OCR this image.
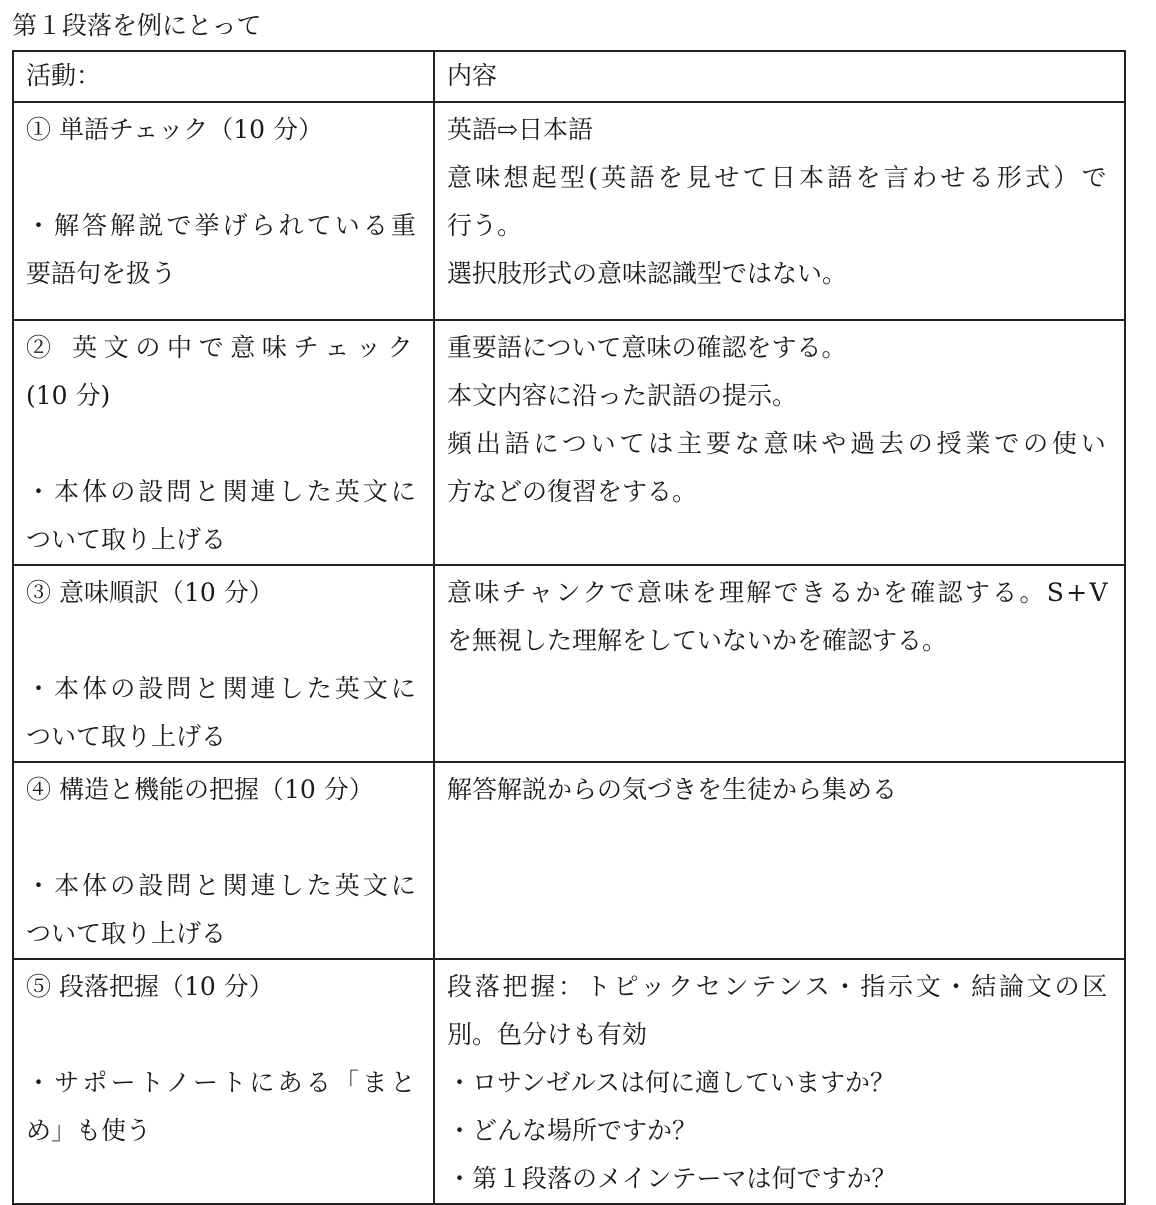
第１段落を例にとって
活動：	内容

① 単語チェック（10 分）
・解答解説で挙げられている重
要語句を扱う	英語⇨日本語
意味想起型(英語を見せて日本語を言わせる形式）で
行う。
選択肢形式の意味認識型ではない。

② 英文の中で意味チェック
(10 分)
・本体の設問と関連した英文に
ついて取り上げる	重要語について意味の確認をする。
本文内容に沿った訳語の提示。
頻出語については主要な意味や過去の授業での使い
方などの復習をする。

③ 意味順訳（10 分）
・本体の設問と関連した英文に
ついて取り上げる	意味チャンクで意味を理解できるかを確認する。S+V
を無視した理解をしていないかを確認する。

④ 構造と機能の把握（10 分）
・本体の設問と関連した英文に
ついて取り上げる	解答解説からの気づきを生徒から集める

⑤ 段落把握（10 分）
・サポートノートにある「まと
め」も使う	段落把握：トピックセンテンス・指示文・結論文の区
別。色分けも有効
・ロサンゼルスは何に適していますか？
・どんな場所ですか？
・第１段落のメインテーマは何ですか？
